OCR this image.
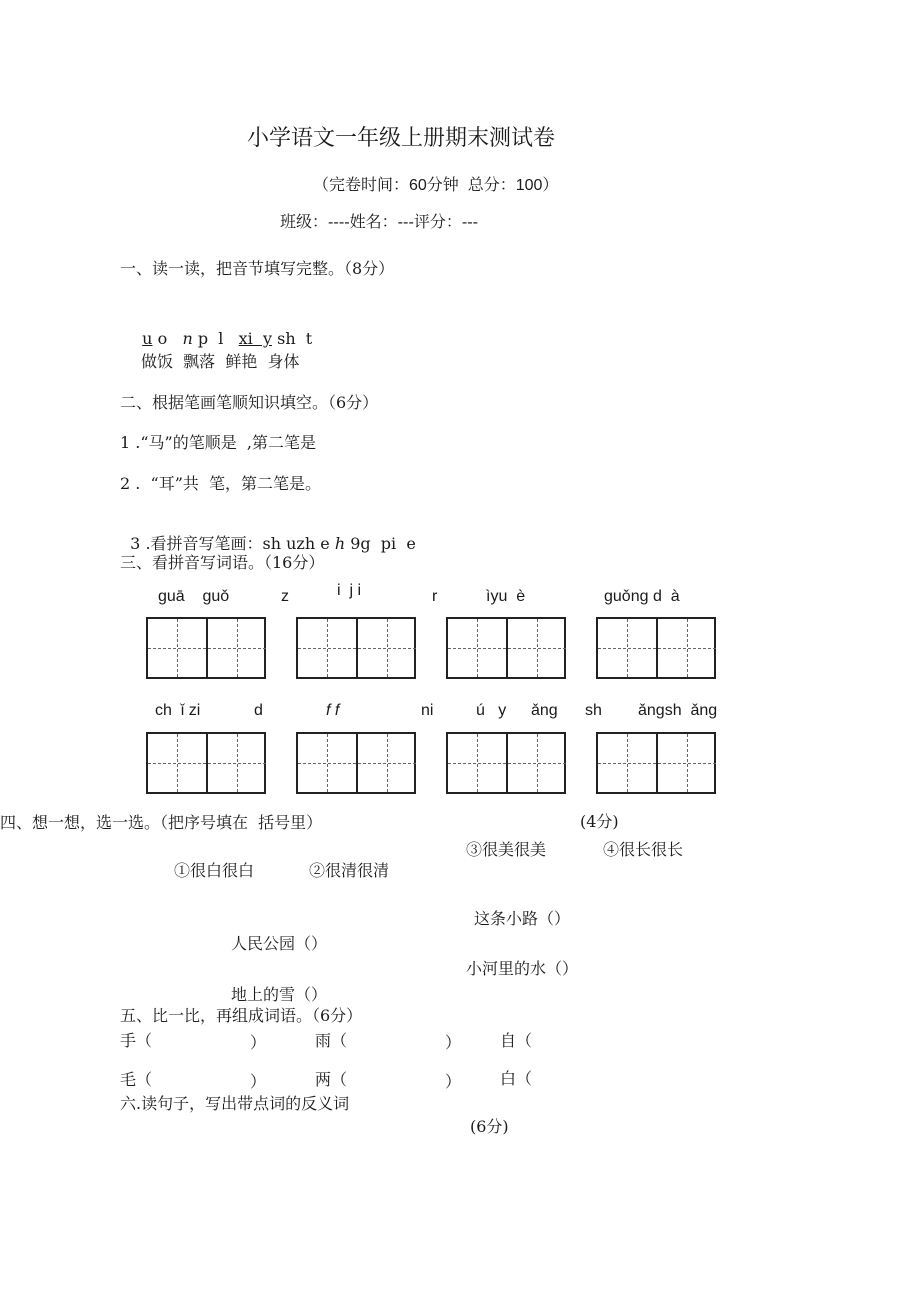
小学语文一年级上册期末测试卷
（完卷时间：60分钟  总分：100）
班级：----姓名：---评分：---
一、读一读，把音节填写完整。（8分）

u o   n p  l   xi  y sh  t

做饭  飘落  鲜艳  身体
二、根据笔画笔顺知识填空。（6分）
1 .“马”的笔顺是  ,第二笔是
2 .  “耳”共  笔，第二笔是。

3 .看拼音写笔画：sh uzh e h 9g  pi  e

三、看拼音写词语。（16分）
ɡuā    ɡuǒ	z	i  j i	r	ìyu  è	ɡuǒnɡ d  à
ch  ǐ zi	d	f f	ni	ú   y ǎng sh ǎnɡsh  ǎnɡ
四、想一想，选一选。（把序号填在  括号里）	(4分)
③很美很美	④很长很长
①很白很白	②很清很清
这条小路（）
人民公园（）
小河里的水（）
地上的雪（）
五、比一比，再组成词语。（6分）
手（	）	雨（	） 自（
毛（	）	两（	） 白（
六.读句子，写出带点词的反义词
(6分)
